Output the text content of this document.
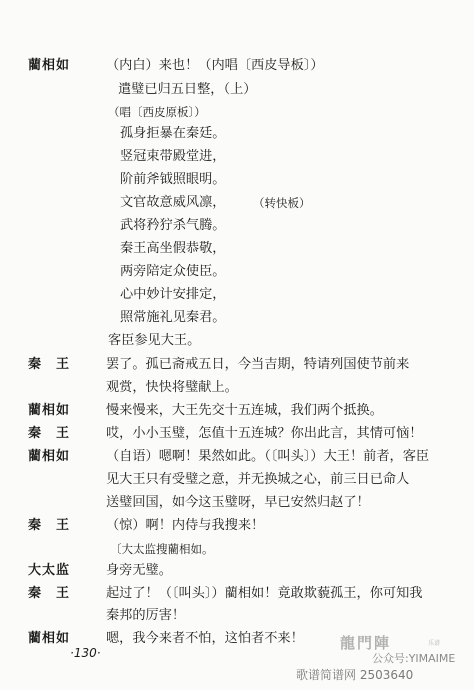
藺相如	（内白）来也！（内唱〔西皮导板〕）
遣璧已归五日整，（上）
（唱〔西皮原板〕）
孤身拒暴在秦廷。
竖冠束带殿堂进，
阶前斧钺照眼明。
文官故意威风凛， （转快板）
武将矜狞杀气腾。
秦王高坐假恭敬，
两旁陪定众使臣。
心中妙计安排定，
照常施礼见秦君。
客臣参见大王。
秦　王	罢了。孤已斋戒五日，今当吉期，特请列国使节前来
观赏，快快将璧献上。
藺相如	慢来慢来，大王先交十五连城，我们两个抵换。
秦　王	哎，小小玉璧，怎值十五连城？你出此言，其情可恼！
藺相如	（自语）嗯啊！果然如此。（〔叫头〕）大王！前者，客臣
见大王只有受璧之意，并无换城之心，前三日已命人
送璧回国，如今这玉璧呀，早已安然归赵了！
秦　王	（惊）啊！内侍与我搜来！
〔大太监搜藺相如。
大太监	身旁无璧。
秦　王	起过了！（〔叫头〕）藺相如！竟敢欺藐孤王，你可知我
秦邦的厉害！
·130·
龍門陣	乐谱
公众号:YIMAIME
歌谱简谱网 2503640
藺相如	嗯，我今来者不怕，这怕者不来！
